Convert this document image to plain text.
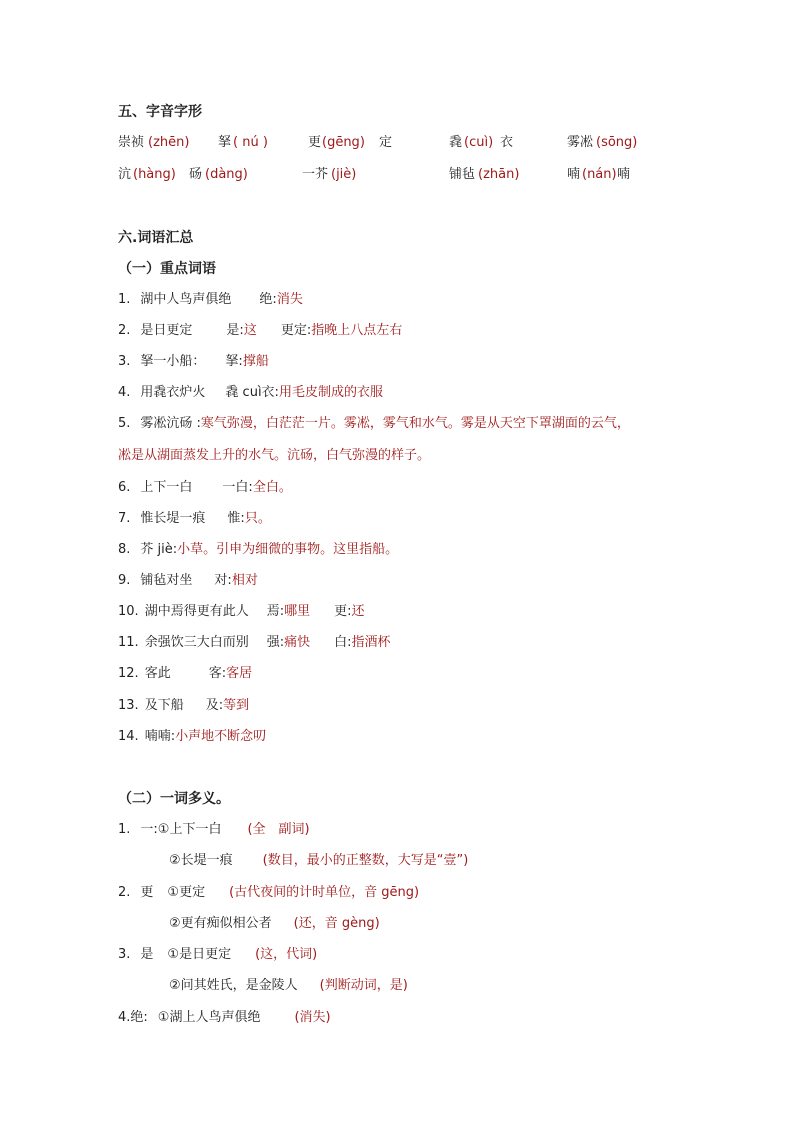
五、字音字形
崇祯 (zhēn) 拏 ( nú )	更 (gēng) 定	毳 (cuì) 衣	雾凇 (sōng)
沆 (hàng) 砀 (dàng)	一芥 (jiè)	铺毡 (zhān)	喃 (nán) 喃
六.词语汇总
（一）重点词语
1. 湖中人鸟声俱绝 绝:消失
2. 是日更定	是:这 更定:指晚上八点左右
3. 拏一小船： 拏:撑船
4. 用毳衣炉火 毳 cuì衣:用毛皮制成的衣服
5. 雾凇沆砀 :寒气弥漫，白茫茫一片。雾凇，雾气和水气。雾是从天空下罩湖面的云气，
凇是从湖面蒸发上升的水气。沆砀，白气弥漫的样子。
6. 上下一白 一白:全白。
7. 惟长堤一痕 惟:只。
8. 芥 jiè:小草。引申为细微的事物。这里指船。
9. 铺毡对坐 对:相对
10. 湖中焉得更有此人 焉:哪里 更:还
11. 余强饮三大白而别 强:痛快 白:指酒杯
12. 客此	客:客居
13. 及下船 及:等到
14. 喃喃:小声地不断念叨
（二）一词多义。
1. 一:①上下一白 (全　副词)
②长堤一痕 (数目，最小的正整数，大写是“壹”)
2. 更 ①更定 (古代夜间的计时单位，音 gēng)
②更有痴似相公者 (还，音 gèng)
3. 是 ①是日更定 (这，代词)
②问其姓氏，是金陵人 (判断动词，是)
4.绝: ①湖上人鸟声俱绝	(消失)
